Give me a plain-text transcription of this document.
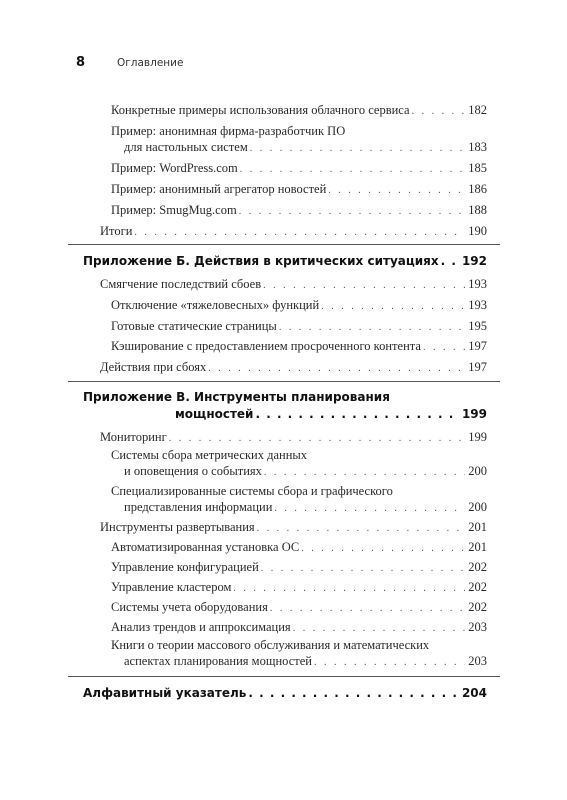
8	Оглавление
Конкретные примеры использования облачного сервиса . . .	182
Пример: анонимная фирма-разработчик ПО
для настольных систем . . .	183
Пример: WordPress.com . . .	185
Пример: анонимный агрегатор новостей . . .	186
Пример: SmugMug.com . . .	188
Итоги . . .	190
Приложение Б. Действия в критических ситуациях . . . 192
Смягчение последствий сбоев . . .	193
Отключение «тяжеловесных» функций . . .	193
Готовые статические страницы . . .	195
Кэширование с предоставлением просроченного контента . . .	197
Действия при сбоях . . .	197
Приложение В. Инструменты планирования
мощностей . . .	199
Мониторинг . . .	199
Системы сбора метрических данных
и оповещения о событиях . . .	200
Специализированные системы сбора и графического
представления информации . . .	200
Инструменты развертывания . . .	201
Автоматизированная установка ОС . . .	201
Управление конфигурацией . . .	202
Управление кластером . . .	202
Системы учета оборудования . . .	202
Анализ трендов и аппроксимация . . .	203
Книги о теории массового обслуживания и математических
аспектах планирования мощностей . . .	203
Алфавитный указатель . . .	204
